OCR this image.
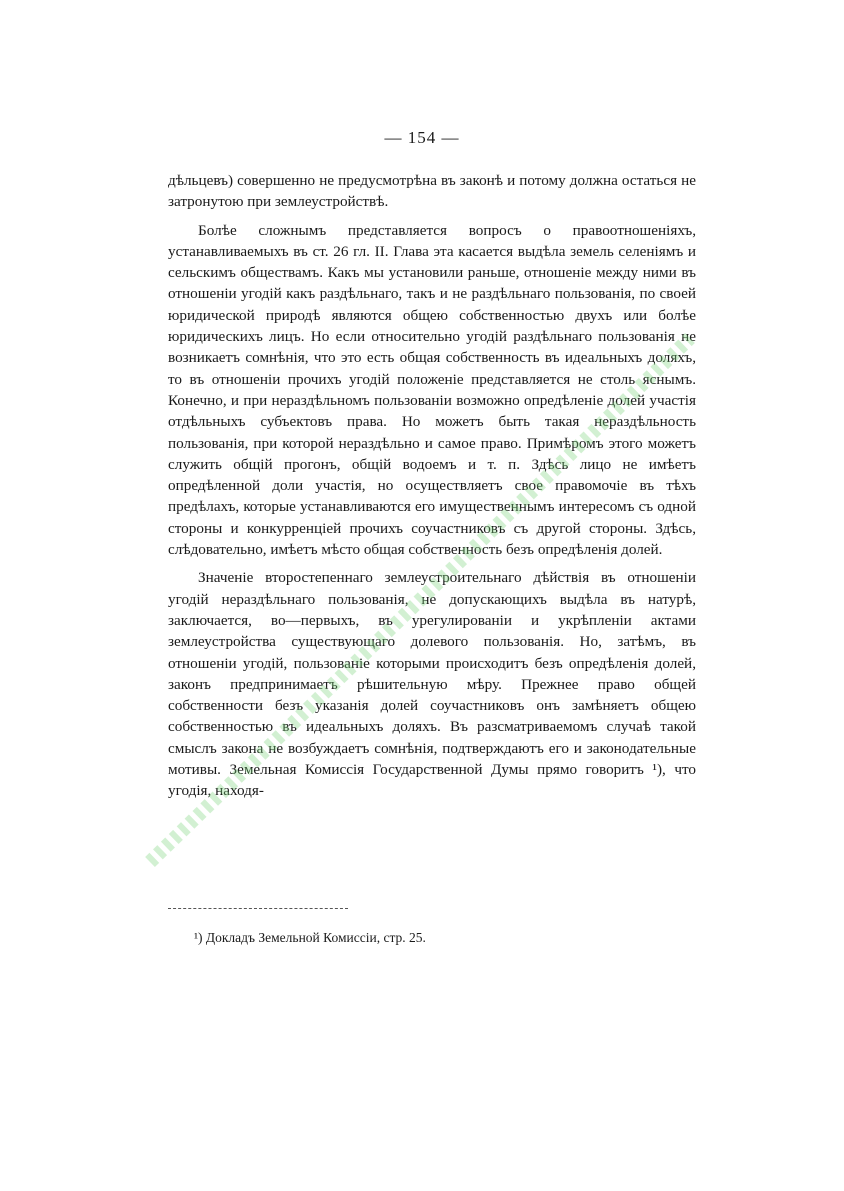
— 154 —

дѣльцевъ) совершенно не предусмотрѣна въ законѣ и потому должна остаться не затронутою при землеустройствѣ.

Болѣе сложнымъ представляется вопросъ о правоотношеніяхъ, устанавливаемыхъ въ ст. 26 гл. II. Глава эта касается выдѣла земель селеніямъ и сельскимъ обществамъ. Какъ мы установили раньше, отношеніе между ними въ отношеніи угодій какъ раздѣльнаго, такъ и не раздѣльнаго пользованія, по своей юридической природѣ являются общею собственностью двухъ или болѣе юридическихъ лицъ. Но если относительно угодій раздѣльнаго пользованія не возникаетъ сомнѣнія, что это есть общая собственность въ идеальныхъ доляхъ, то въ отношеніи прочихъ угодій положеніе представляется не столь яснымъ. Конечно, и при нераздѣльномъ пользованіи возможно опредѣленіе долей участія отдѣльныхъ субъектовъ права. Но можетъ быть такая нераздѣльность пользованія, при которой нераздѣльно и самое право. Примѣромъ этого можетъ служить общій прогонъ, общій водоемъ и т. п. Здѣсь лицо не имѣетъ опредѣленной доли участія, но осуществляетъ свое правомочіе въ тѣхъ предѣлахъ, которые устанавливаются его имущественнымъ интересомъ съ одной стороны и конкурренціей прочихъ соучастниковъ съ другой стороны. Здѣсь, слѣдовательно, имѣетъ мѣсто общая собственность безъ опредѣленія долей.

Значеніе второстепеннаго землеустроительнаго дѣйствія въ отношеніи угодій нераздѣльнаго пользованія, не допускающихъ выдѣла въ натурѣ, заключается, во—первыхъ, въ урегулированіи и укрѣпленіи актами землеустройства существующаго долевого пользованія. Но, затѣмъ, въ отношеніи угодій, пользованіе которыми происходитъ безъ опредѣленія долей, законъ предпринимаетъ рѣшительную мѣру. Прежнее право общей собственности безъ указанія долей соучастниковъ онъ замѣняетъ общею собственностью въ идеальныхъ доляхъ. Въ разсматриваемомъ случаѣ такой смыслъ закона не возбуждаетъ сомнѣнія, подтверждаютъ его и законодательные мотивы. Земельная Комиссія Государственной Думы прямо говоритъ ¹), что угодія, находя-

¹) Докладъ Земельной Комиссіи, стр. 25.
